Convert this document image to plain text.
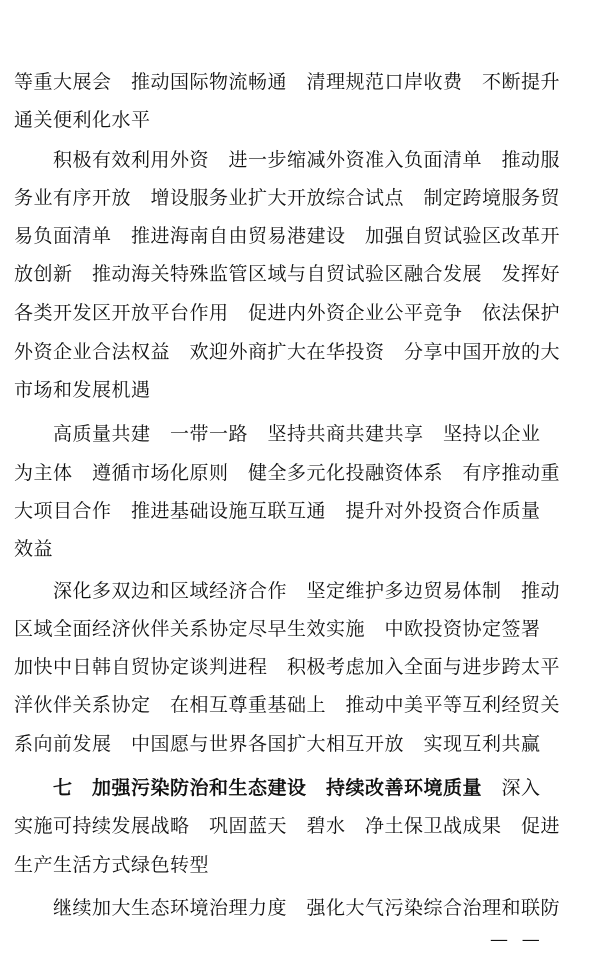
等重大展会　推动国际物流畅通　清理规范口岸收费　不断提升
通关便利化水平
　　积极有效利用外资　进一步缩减外资准入负面清单　推动服
务业有序开放　增设服务业扩大开放综合试点　制定跨境服务贸
易负面清单　推进海南自由贸易港建设　加强自贸试验区改革开
放创新　推动海关特殊监管区域与自贸试验区融合发展　发挥好
各类开发区开放平台作用　促进内外资企业公平竞争　依法保护
外资企业合法权益　欢迎外商扩大在华投资　分享中国开放的大
市场和发展机遇
　　高质量共建　一带一路　坚持共商共建共享　坚持以企业
为主体　遵循市场化原则　健全多元化投融资体系　有序推动重
大项目合作　推进基础设施互联互通　提升对外投资合作质量
效益
　　深化多双边和区域经济合作　坚定维护多边贸易体制　推动
区域全面经济伙伴关系协定尽早生效实施　中欧投资协定签署
加快中日韩自贸协定谈判进程　积极考虑加入全面与进步跨太平
洋伙伴关系协定　在相互尊重基础上　推动中美平等互利经贸关
系向前发展　中国愿与世界各国扩大相互开放　实现互利共赢
　　七　加强污染防治和生态建设　持续改善环境质量　深入
实施可持续发展战略　巩固蓝天　碧水　净土保卫战成果　促进
生产生活方式绿色转型
　　继续加大生态环境治理力度　强化大气污染综合治理和联防
— —
